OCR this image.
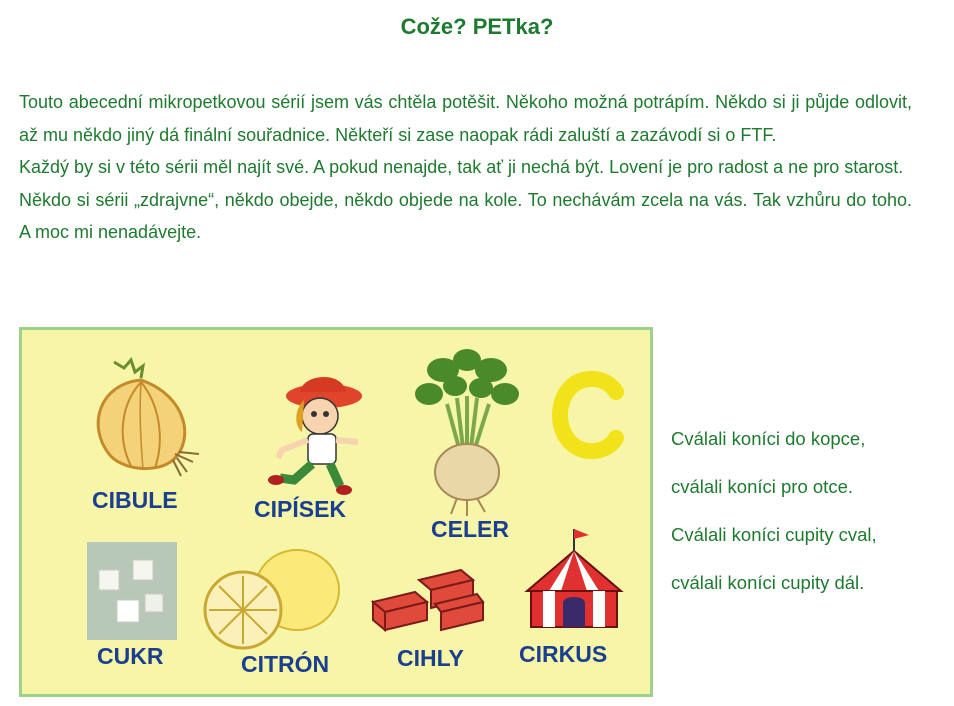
Cože? PETka?

Touto abecední mikropetkovou sérií jsem vás chtěla potěšit. Někoho možná potrápím. Někdo si ji půjde odlovit, až mu někdo jiný dá finální souřadnice. Někteří si zase naopak rádi zaluští a zazávodí si o FTF.

Každý by si v této sérii měl najít své. A pokud nenajde, tak ať ji nechá být. Lovení je pro radost a ne pro starost.

Někdo si sérii „zdrajvne“, někdo obejde, někdo objede na kole. To nechávám zcela na vás. Tak vzhůru do toho. A moc mi nenadávejte.

CIBULE	CIPÍSEK
CELER
CUKR	CITRÓN	CIHLY CIRKUS
Cválali koníci do kopce,
cválali koníci pro otce.
Cválali koníci cupity cval,
cválali koníci cupity dál.
